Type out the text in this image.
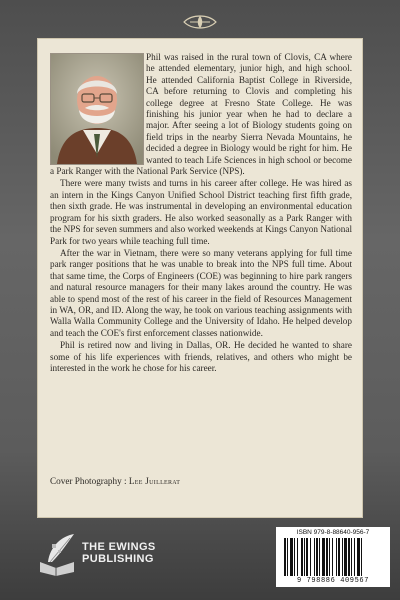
Phil was raised in the rural town of Clovis, CA where he attended elementary, junior high, and high school. He attended California Baptist College in Riverside, CA before returning to Clovis and completing his college degree at Fresno State College. He was finishing his junior year when he had to declare a major. After seeing a lot of Biology students going on field trips in the nearby Sierra Nevada Mountains, he decided a degree in Biology would be right for him. He wanted to teach Life Sciences in high school or become a Park Ranger with the National Park Service (NPS).

There were many twists and turns in his career after college. He was hired as an intern in the Kings Canyon Unified School District teaching first fifth grade, then sixth grade. He was instrumental in developing an environmental education program for his sixth graders. He also worked seasonally as a Park Ranger with the NPS for seven summers and also worked weekends at Kings Canyon National Park for two years while teaching full time.

After the war in Vietnam, there were so many veterans applying for full time park ranger positions that he was unable to break into the NPS full time. About that same time, the Corps of Engineers (COE) was beginning to hire park rangers and natural resource managers for their many lakes around the country. He was able to spend most of the rest of his career in the field of Resources Management in WA, OR, and ID. Along the way, he took on various teaching assignments with Walla Walla Community College and the University of Idaho. He helped develop and teach the COE's first enforcement classes nationwide.

Phil is retired now and living in Dallas, OR. He decided he wanted to share some of his life experiences with friends, relatives, and others who might be interested in the work he chose for his career.

Cover Photography : Lee Juillerat
THE EWINGS
PUBLISHING
ISBN 979-8-88640-956-7
9 798886 409567
